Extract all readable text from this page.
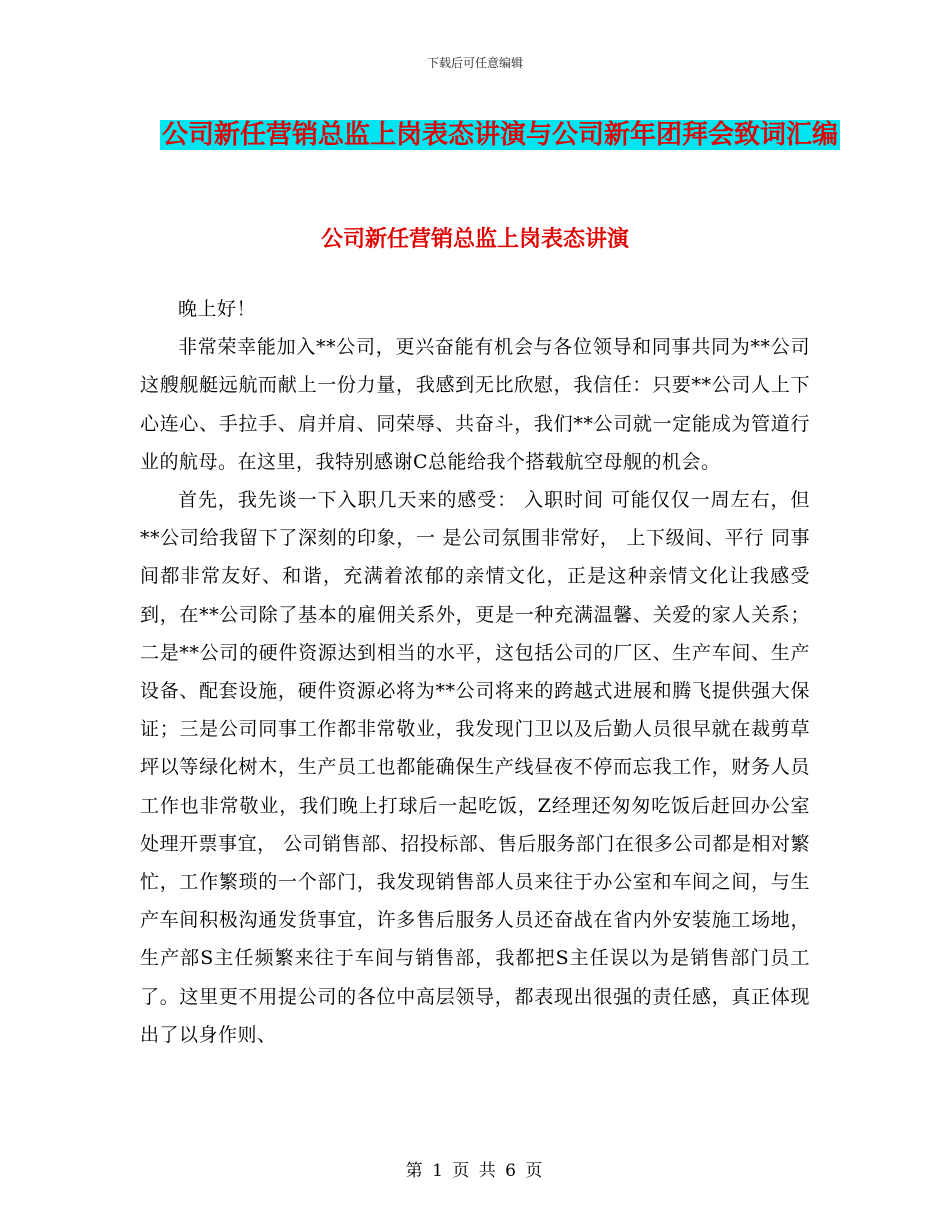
下载后可任意编辑
公司新任营销总监上岗表态讲演与公司新年团拜会致词汇编
公司新任营销总监上岗表态讲演

晚上好！

非常荣幸能加入**公司，更兴奋能有机会与各位领导和同事共同为**公司这艘舰艇远航而献上一份力量，我感到无比欣慰，我信任：只要**公司人上下心连心、手拉手、肩并肩、同荣辱、共奋斗，我们**公司就一定能成为管道行业的航母。在这里，我特别感谢C总能给我个搭载航空母舰的机会。

首先，我先谈一下入职几天来的感受： 入职时间 可能仅仅一周左右，但**公司给我留下了深刻的印象，一 是公司氛围非常好， 上下级间、平行 同事间都非常友好、和谐，充满着浓郁的亲情文化，正是这种亲情文化让我感受到，在**公司除了基本的雇佣关系外，更是一种充满温馨、关爱的家人关系；二是**公司的硬件资源达到相当的水平，这包括公司的厂区、生产车间、生产设备、配套设施，硬件资源必将为**公司将来的跨越式进展和腾飞提供强大保证；三是公司同事工作都非常敬业，我发现门卫以及后勤人员很早就在裁剪草坪以等绿化树木，生产员工也都能确保生产线昼夜不停而忘我工作，财务人员工作也非常敬业，我们晚上打球后一起吃饭，Z经理还匆匆吃饭后赶回办公室处理开票事宜， 公司销售部、招投标部、售后服务部门在很多公司都是相对繁忙，工作繁琐的一个部门，我发现销售部人员来往于办公室和车间之间，与生产车间积极沟通发货事宜，许多售后服务人员还奋战在省内外安装施工场地，生产部S主任频繁来往于车间与销售部，我都把S主任误以为是销售部门员工了。这里更不用提公司的各位中高层领导，都表现出很强的责任感，真正体现出了以身作则、

第 1 页 共 6 页
